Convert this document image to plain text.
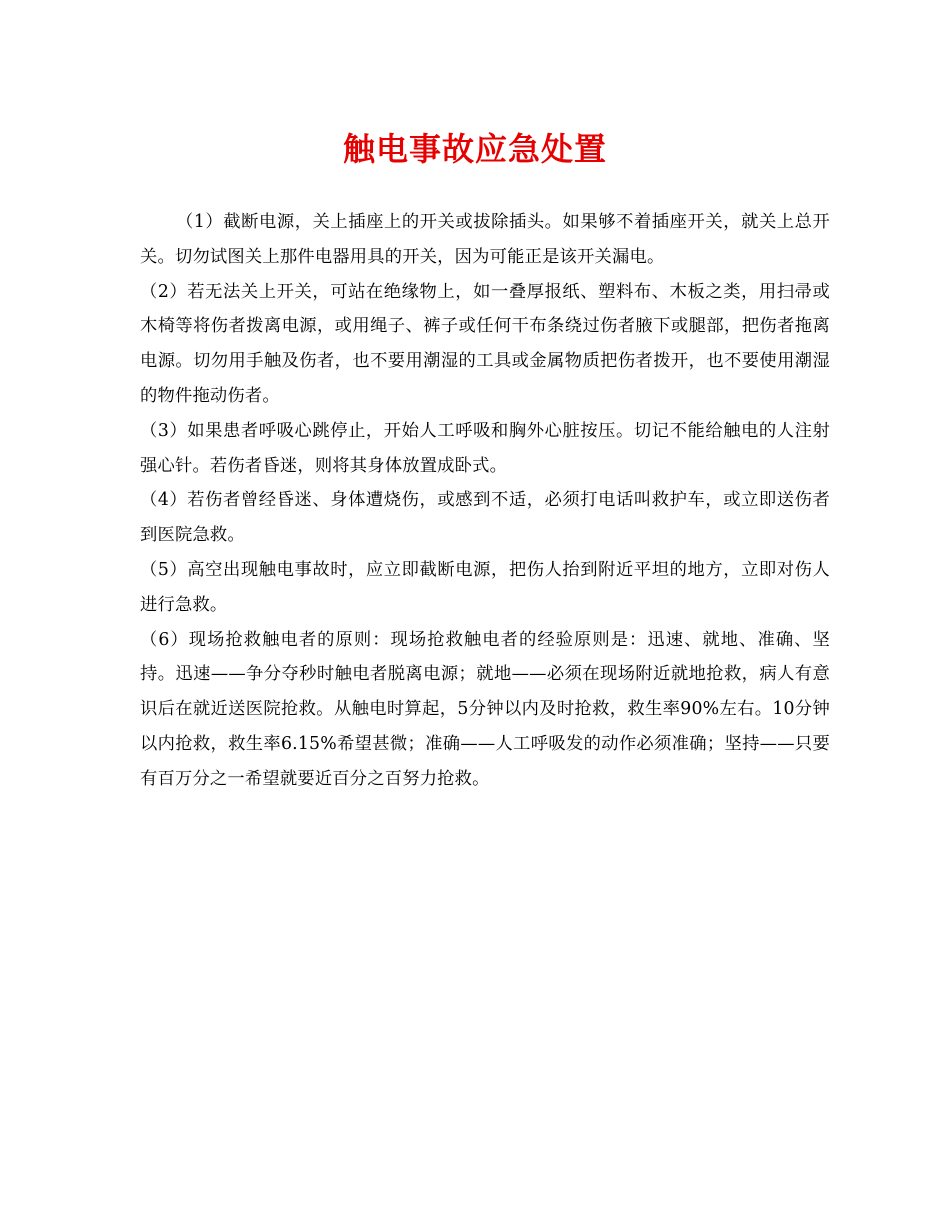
触电事故应急处置

（1）截断电源，关上插座上的开关或拔除插头。如果够不着插座开关，就关上总开关。切勿试图关上那件电器用具的开关，因为可能正是该开关漏电。

（2）若无法关上开关，可站在绝缘物上，如一叠厚报纸、塑料布、木板之类，用扫帚或木椅等将伤者拨离电源，或用绳子、裤子或任何干布条绕过伤者腋下或腿部，把伤者拖离电源。切勿用手触及伤者，也不要用潮湿的工具或金属物质把伤者拨开，也不要使用潮湿的物件拖动伤者。

（3）如果患者呼吸心跳停止，开始人工呼吸和胸外心脏按压。切记不能给触电的人注射强心针。若伤者昏迷，则将其身体放置成卧式。

（4）若伤者曾经昏迷、身体遭烧伤，或感到不适，必须打电话叫救护车，或立即送伤者到医院急救。

（5）高空出现触电事故时，应立即截断电源，把伤人抬到附近平坦的地方，立即对伤人进行急救。

（6）现场抢救触电者的原则：现场抢救触电者的经验原则是：迅速、就地、准确、坚持。迅速——争分夺秒时触电者脱离电源；就地——必须在现场附近就地抢救，病人有意识后在就近送医院抢救。从触电时算起，5分钟以内及时抢救，救生率90%左右。10分钟以内抢救，救生率6.15%希望甚微；准确——人工呼吸发的动作必须准确；坚持——只要有百万分之一希望就要近百分之百努力抢救。
